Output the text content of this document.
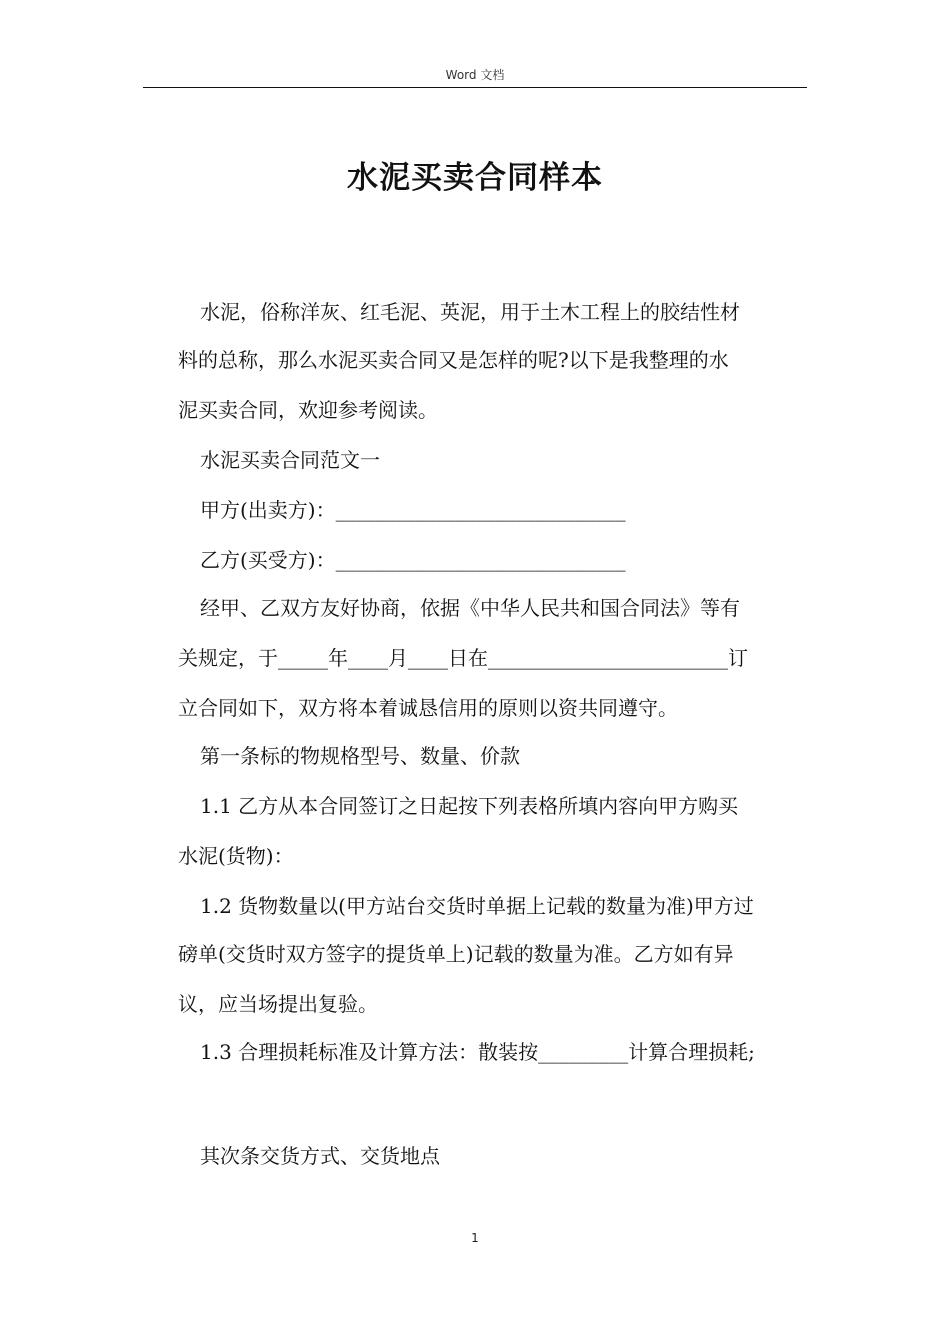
Word 文档
水泥买卖合同样本
水泥，俗称洋灰、红毛泥、英泥，用于土木工程上的胶结性材
料的总称，那么水泥买卖合同又是怎样的呢?以下是我整理的水
泥买卖合同，欢迎参考阅读。
水泥买卖合同范文一
甲方(出卖方)：_____________________________
乙方(买受方)：_____________________________
经甲、乙双方友好协商，依据《中华人民共和国合同法》等有
关规定，于_____年____月____日在________________________订
立合同如下，双方将本着诚恳信用的原则以资共同遵守。
第一条标的物规格型号、数量、价款
1.1 乙方从本合同签订之日起按下列表格所填内容向甲方购买
水泥(货物)：
1.2 货物数量以(甲方站台交货时单据上记载的数量为准)甲方过
磅单(交货时双方签字的提货单上)记载的数量为准。乙方如有异
议，应当场提出复验。
1.3 合理损耗标准及计算方法：散装按_________计算合理损耗;
其次条交货方式、交货地点
1
